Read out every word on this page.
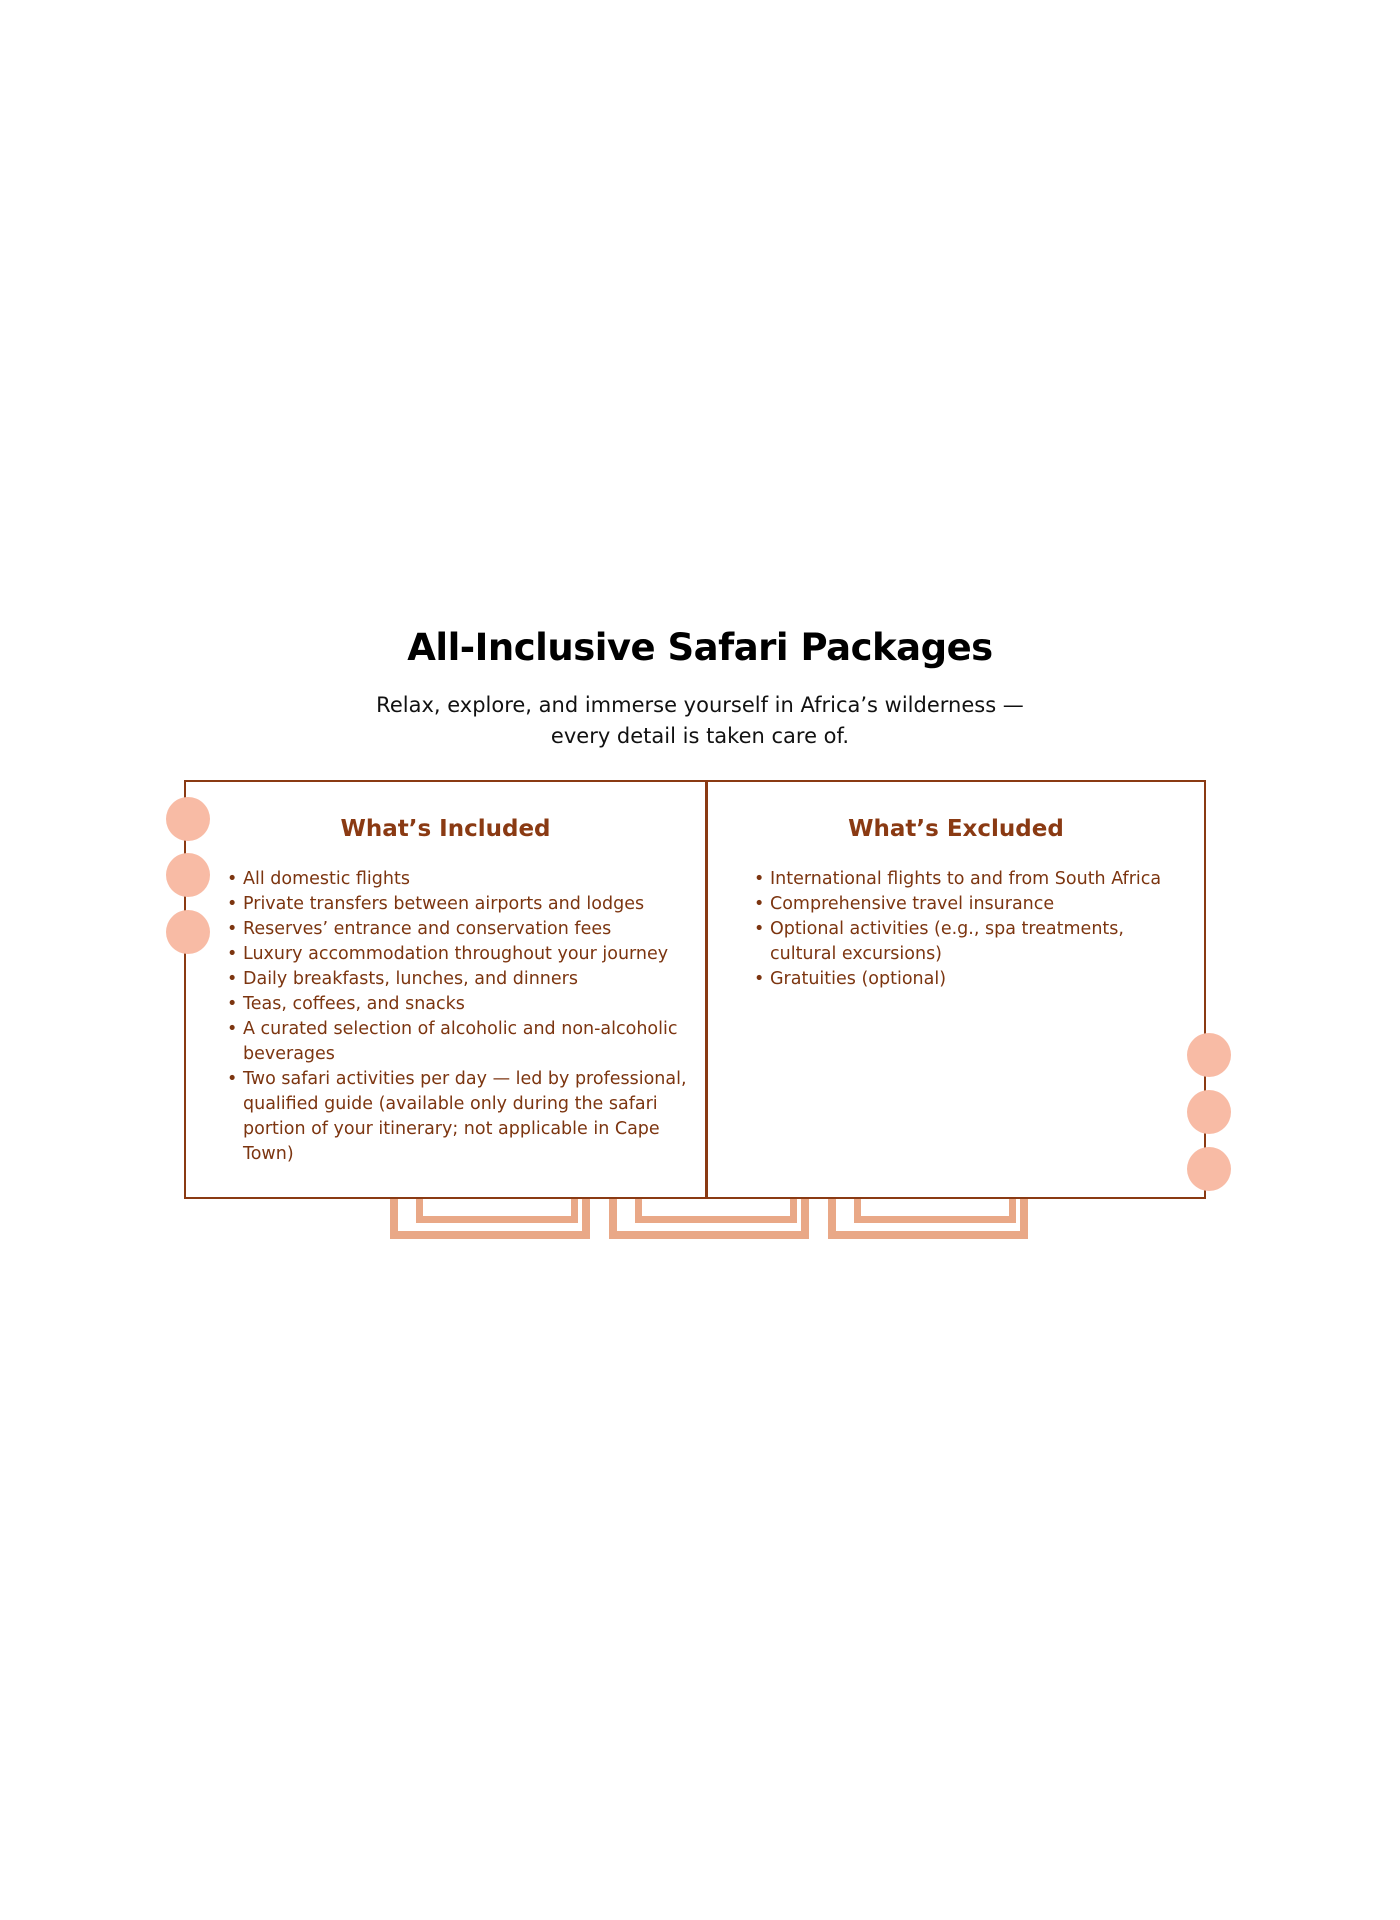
All-Inclusive Safari Packages

Relax, explore, and immerse yourself in Africa’s wilderness — every detail is taken care of.

What’s Included
• All domestic flights
• Private transfers between airports and lodges
• Reserves’ entrance and conservation fees
• Luxury accommodation throughout your journey
• Daily breakfasts, lunches, and dinners
• Teas, coffees, and snacks
• A curated selection of alcoholic and non-alcoholic beverages
• Two safari activities per day — led by professional, qualified guide (available only during the safari portion of your itinerary; not applicable in Cape Town)
What’s Excluded
• International flights to and from South Africa
• Comprehensive travel insurance
• Optional activities (e.g., spa treatments, cultural excursions)
• Gratuities (optional)
